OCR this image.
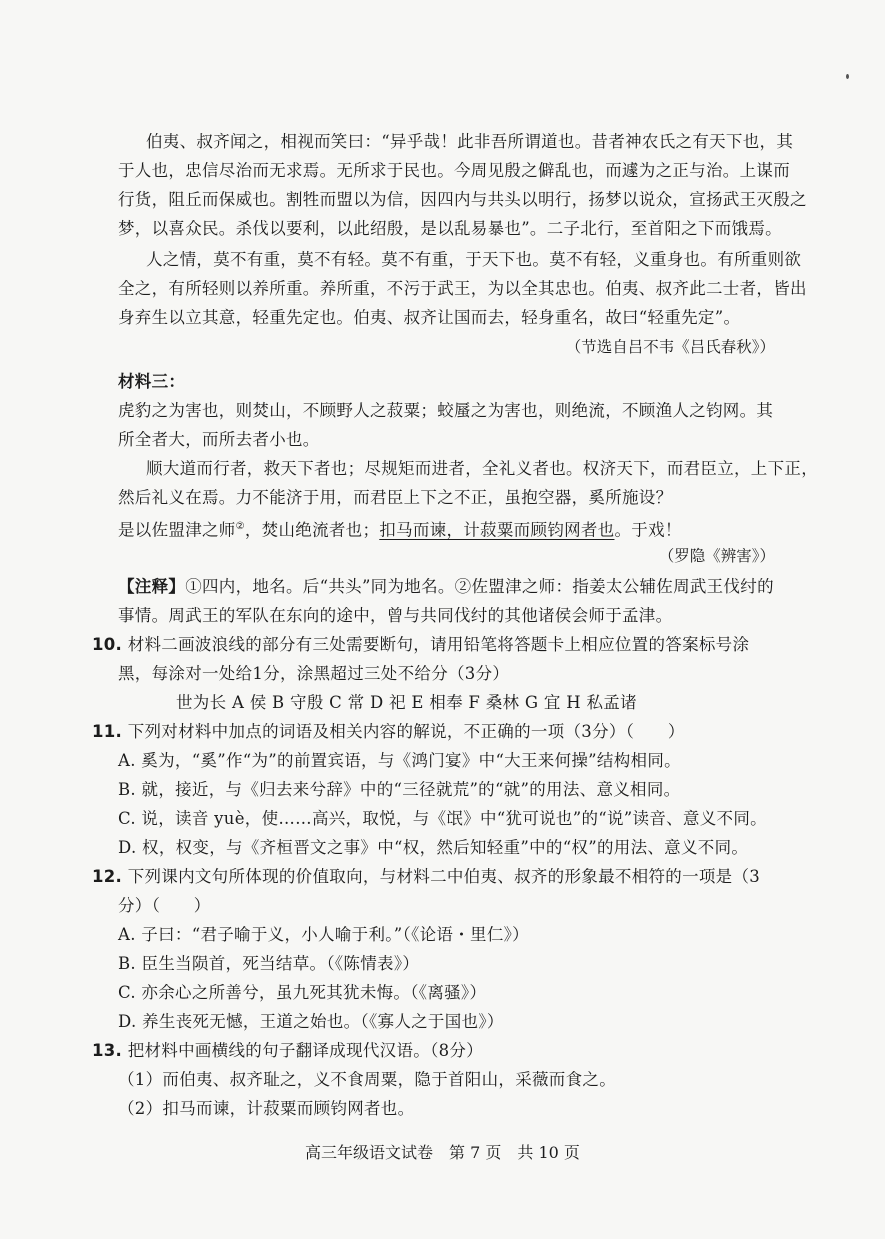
伯夷、叔齐闻之，相视而笑曰：“异乎哉！此非吾所谓道也。昔者神农氏之有天下也，其
于人也，忠信尽治而无求焉。无所求于民也。今周见殷之僻乱也，而遽为之正与治。上谋而
行货，阻丘而保威也。割牲而盟以为信，因四内与共头以明行，扬梦以说众，宣扬武王灭殷之
梦，以喜众民。杀伐以要利，以此绍殷，是以乱易暴也”。二子北行，至首阳之下而饿焉。
人之情，莫不有重，莫不有轻。莫不有重，于天下也。莫不有轻，义重身也。有所重则欲
全之，有所轻则以养所重。养所重，不污于武王，为以全其忠也。伯夷、叔齐此二士者，皆出
身弃生以立其意，轻重先定也。伯夷、叔齐让国而去，轻身重名，故曰“轻重先定”。
（节选自吕不韦《吕氏春秋》）
材料三：
虎豹之为害也，则焚山，不顾野人之菽粟；蛟蜃之为害也，则绝流，不顾渔人之钧网。其
所全者大，而所去者小也。
顺大道而行者，救天下者也；尽规矩而进者，全礼义者也。权济天下，而君臣立，上下正，
然后礼义在焉。力不能济于用，而君臣上下之不正，虽抱空器，奚所施设？
是以佐盟津之师②，焚山绝流者也；扣马而谏，计菽粟而顾钧网者也。于戏！
（罗隐《辨害》）
【注释】①四内，地名。后“共头”同为地名。②佐盟津之师：指姜太公辅佐周武王伐纣的
事情。周武王的军队在东向的途中，曾与共同伐纣的其他诸侯会师于孟津。
10. 材料二画波浪线的部分有三处需要断句，请用铅笔将答题卡上相应位置的答案标号涂
黑，每涂对一处给1分，涂黑超过三处不给分（3分）
世为长 A 侯 B 守殷 C 常 D 祀 E 相奉 F 桑林 G 宜 H 私孟诸
11. 下列对材料中加点的词语及相关内容的解说，不正确的一项（3分）（　　）
A. 奚为，“奚”作“为”的前置宾语，与《鸿门宴》中“大王来何操”结构相同。
B. 就，接近，与《归去来兮辞》中的“三径就荒”的“就”的用法、意义相同。
C. 说，读音 yuè，使……高兴，取悦，与《氓》中“犹可说也”的“说”读音、意义不同。
D. 权，权变，与《齐桓晋文之事》中“权，然后知轻重”中的“权”的用法、意义不同。
12. 下列课内文句所体现的价值取向，与材料二中伯夷、叔齐的形象最不相符的一项是（3
分）（　　）
A. 子曰：“君子喻于义，小人喻于利。”（《论语・里仁》）
B. 臣生当陨首，死当结草。（《陈情表》）
C. 亦余心之所善兮，虽九死其犹未悔。（《离骚》）
D. 养生丧死无憾，王道之始也。（《寡人之于国也》）
13. 把材料中画横线的句子翻译成现代汉语。（8分）
（1）而伯夷、叔齐耻之，义不食周粟，隐于首阳山，采薇而食之。
（2）扣马而谏，计菽粟而顾钧网者也。
高三年级语文试卷　第 7 页　共 10 页
